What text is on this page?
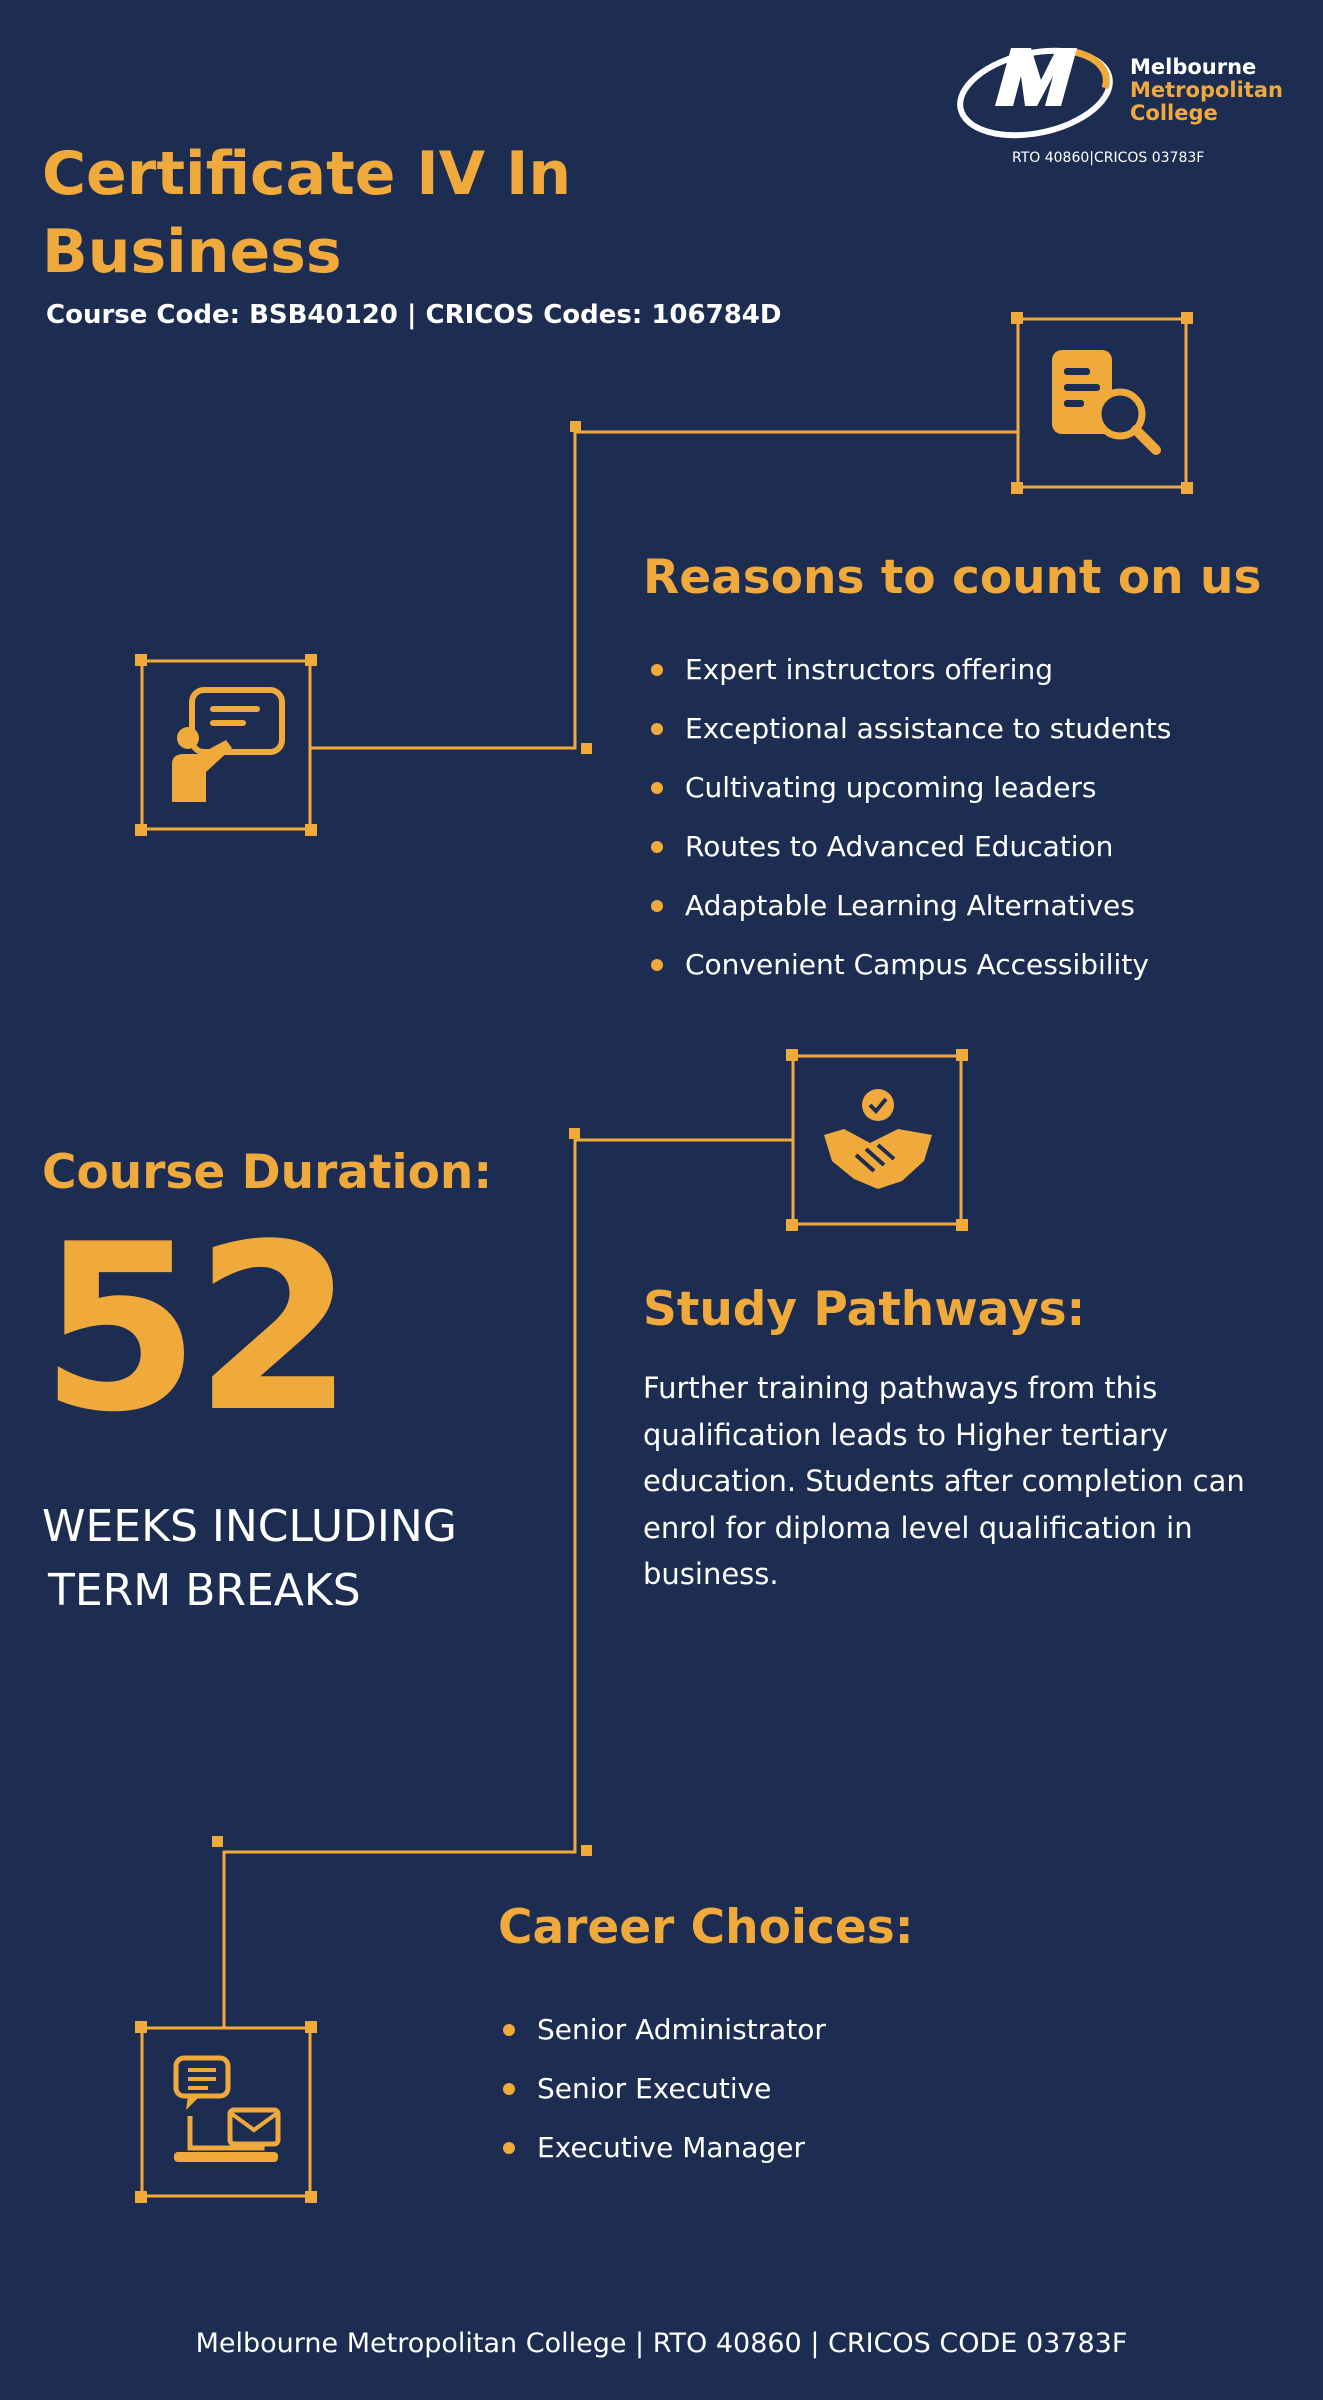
Melbourne
Metropolitan
College
RTO 40860|CRICOS 03783F
Certificate IV In Business
Course Code: BSB40120 | CRICOS Codes: 106784D
Reasons to count on us
Expert instructors offering
Exceptional assistance to students
Cultivating upcoming leaders
Routes to Advanced Education
Adaptable Learning Alternatives
Convenient Campus Accessibility
Course Duration:
52
WEEKS INCLUDING
TERM BREAKS
Study Pathways:
Further training pathways from this qualification leads to Higher tertiary education. Students after completion can enrol for diploma level qualification in business.
Career Choices:
Senior Administrator
Senior Executive
Executive Manager
Melbourne Metropolitan College | RTO 40860 | CRICOS CODE 03783F
